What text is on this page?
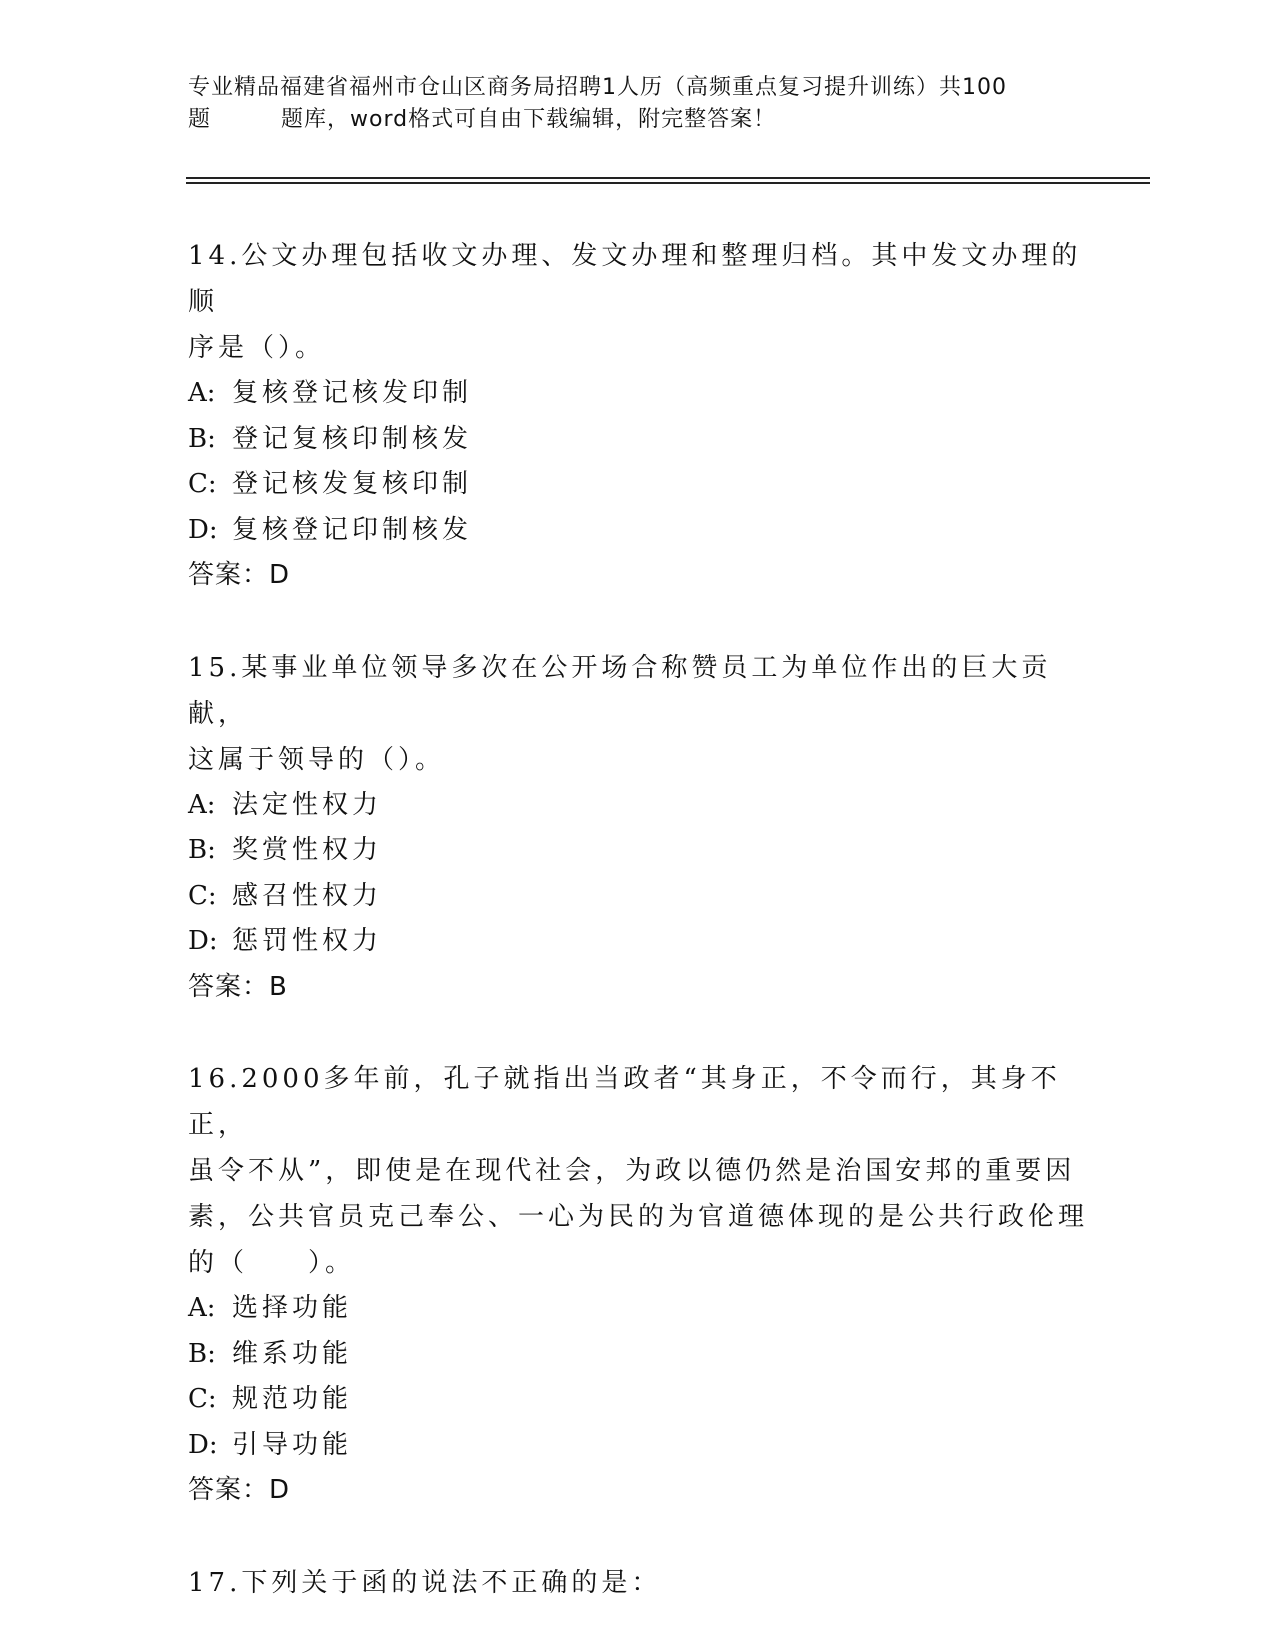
专业精品福建省福州市仓山区商务局招聘1人历（高频重点复习提升训练）共100
题	题库，word格式可自由下载编辑，附完整答案！
14.公文办理包括收文办理、发文办理和整理归档。其中发文办理的顺
序是（）。
A: 复核登记核发印制
B: 登记复核印制核发
C: 登记核发复核印制
D: 复核登记印制核发
答案：D
15.某事业单位领导多次在公开场合称赞员工为单位作出的巨大贡献，
这属于领导的（）。
A: 法定性权力
B: 奖赏性权力
C: 感召性权力
D: 惩罚性权力
答案：B
16.2000多年前，孔子就指出当政者“其身正，不令而行，其身不正，
虽令不从”，即使是在现代社会，为政以德仍然是治国安邦的重要因
素，公共官员克己奉公、一心为民的为官道德体现的是公共行政伦理
的（　　）。
A: 选择功能
B: 维系功能
C: 规范功能
D: 引导功能
答案：D
17.下列关于函的说法不正确的是：
